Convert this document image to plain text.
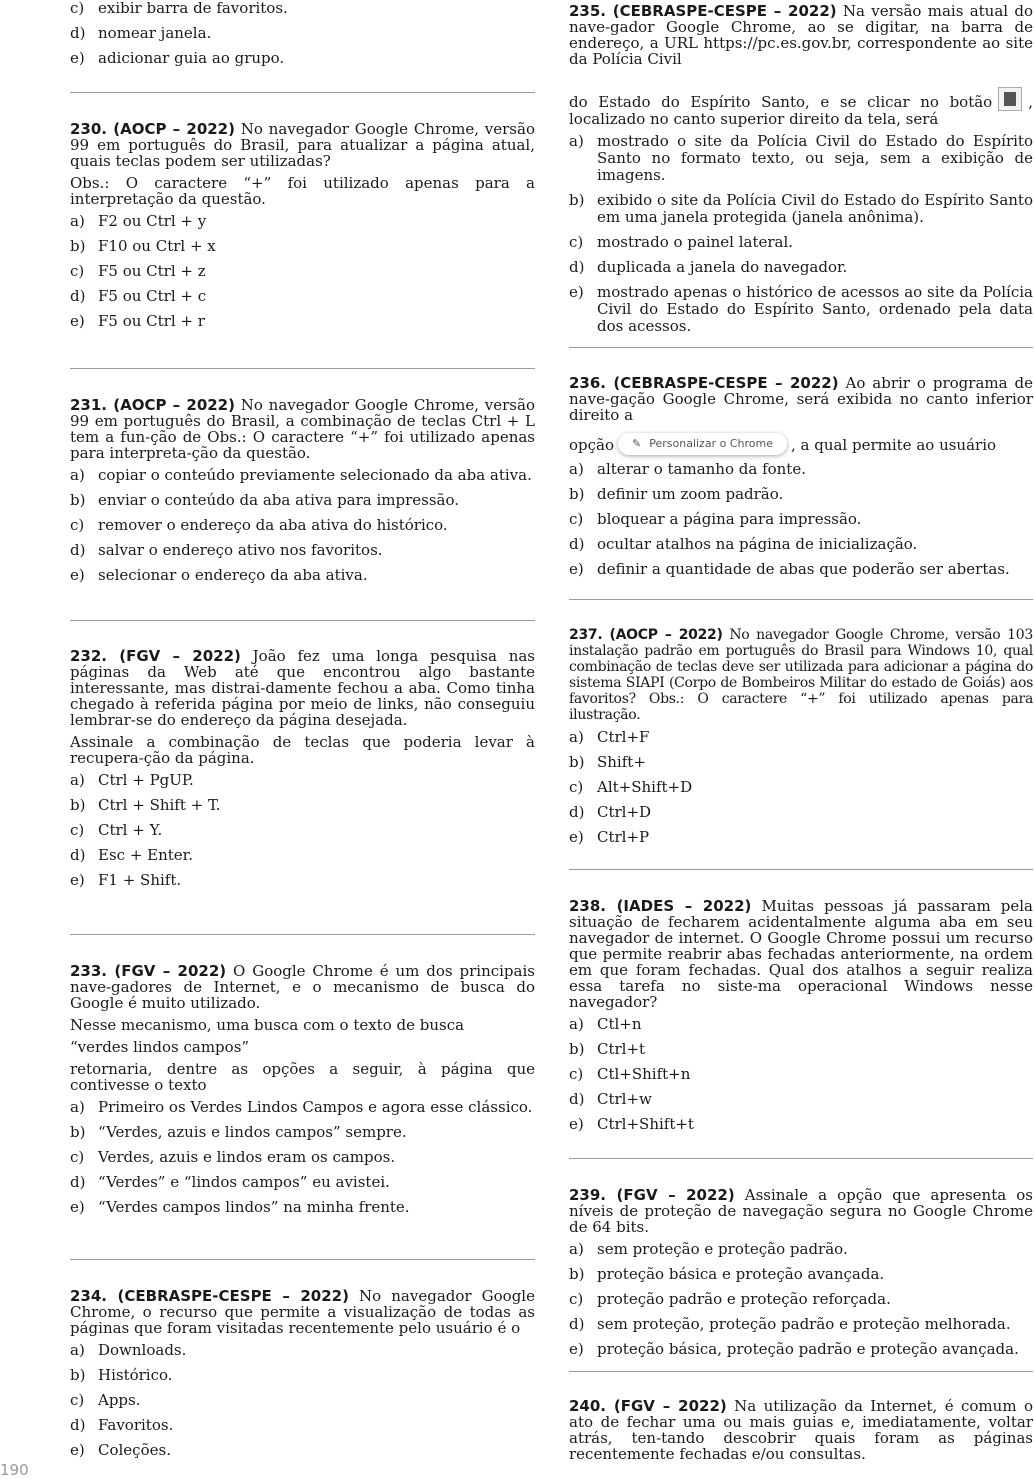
c) exibir barra de favoritos.
d) nomear janela.
e) adicionar guia ao grupo.

230. (AOCP – 2022) No navegador Google Chrome, versão 99 em português do Brasil, para atualizar a página atual, quais teclas podem ser utilizadas?

Obs.: O caractere “+” foi utilizado apenas para a interpretação da questão.

a) F2 ou Ctrl + y
b) F10 ou Ctrl + x
c) F5 ou Ctrl + z
d) F5 ou Ctrl + c
e) F5 ou Ctrl + r

231. (AOCP – 2022) No navegador Google Chrome, versão 99 em português do Brasil, a combinação de teclas Ctrl + L tem a fun-ção de Obs.: O caractere “+” foi utilizado apenas para interpreta-ção da questão.

a) copiar o conteúdo previamente selecionado da aba ativa.
b) enviar o conteúdo da aba ativa para impressão.
c) remover o endereço da aba ativa do histórico.
d) salvar o endereço ativo nos favoritos.
e) selecionar o endereço da aba ativa.

232. (FGV – 2022) João fez uma longa pesquisa nas páginas da Web até que encontrou algo bastante interessante, mas distrai-damente fechou a aba. Como tinha chegado à referida página por meio de links, não conseguiu lembrar-se do endereço da página desejada.

Assinale a combinação de teclas que poderia levar à recupera-ção da página.

a) Ctrl + PgUP.
b) Ctrl + Shift + T.
c) Ctrl + Y.
d) Esc + Enter.
e) F1 + Shift.

233. (FGV – 2022) O Google Chrome é um dos principais nave-gadores de Internet, e o mecanismo de busca do Google é muito utilizado.

Nesse mecanismo, uma busca com o texto de busca

“verdes lindos campos”

retornaria, dentre as opções a seguir, à página que contivesse o texto

a) Primeiro os Verdes Lindos Campos e agora esse clássico.
b) “Verdes, azuis e lindos campos” sempre.
c) Verdes, azuis e lindos eram os campos.
d) “Verdes” e “lindos campos” eu avistei.
e) “Verdes campos lindos” na minha frente.

234. (CEBRASPE-CESPE – 2022) No navegador Google Chrome, o recurso que permite a visualização de todas as páginas que foram visitadas recentemente pelo usuário é o

a) Downloads.
b) Histórico.
c) Apps.
d) Favoritos.
e) Coleções.

235. (CEBRASPE-CESPE – 2022) Na versão mais atual do nave-gador Google Chrome, ao se digitar, na barra de endereço, a URL https://pc.es.gov.br, correspondente ao site da Polícia Civil

do Estado do Espírito Santo, e se clicar no botão , localizado no canto superior direito da tela, será

a) mostrado o site da Polícia Civil do Estado do Espírito Santo no formato texto, ou seja, sem a exibição de imagens.
b) exibido o site da Polícia Civil do Estado do Espírito Santo em uma janela protegida (janela anônima).
c) mostrado o painel lateral.
d) duplicada a janela do navegador.
e) mostrado apenas o histórico de acessos ao site da Polícia Civil do Estado do Espírito Santo, ordenado pela data dos acessos.

236. (CEBRASPE-CESPE – 2022) Ao abrir o programa de nave-gação Google Chrome, será exibida no canto inferior direito a

opção ✎ Personalizar o Chrome , a qual permite ao usuário

a) alterar o tamanho da fonte.
b) definir um zoom padrão.
c) bloquear a página para impressão.
d) ocultar atalhos na página de inicialização.
e) definir a quantidade de abas que poderão ser abertas.

237. (AOCP – 2022) No navegador Google Chrome, versão 103 instalação padrão em português do Brasil para Windows 10, qual combinação de teclas deve ser utilizada para adicionar a página do sistema SIAPI (Corpo de Bombeiros Militar do estado de Goiás) aos favoritos? Obs.: O caractere “+” foi utilizado apenas para ilustração.

a) Ctrl+F
b) Shift+
c) Alt+Shift+D
d) Ctrl+D
e) Ctrl+P

238. (IADES – 2022) Muitas pessoas já passaram pela situação de fecharem acidentalmente alguma aba em seu navegador de internet. O Google Chrome possui um recurso que permite reabrir abas fechadas anteriormente, na ordem em que foram fechadas. Qual dos atalhos a seguir realiza essa tarefa no siste-ma operacional Windows nesse navegador?

a) Ctl+n
b) Ctrl+t
c) Ctl+Shift+n
d) Ctrl+w
e) Ctrl+Shift+t

239. (FGV – 2022) Assinale a opção que apresenta os níveis de proteção de navegação segura no Google Chrome de 64 bits.

a) sem proteção e proteção padrão.
b) proteção básica e proteção avançada.
c) proteção padrão e proteção reforçada.
d) sem proteção, proteção padrão e proteção melhorada.
e) proteção básica, proteção padrão e proteção avançada.

240. (FGV – 2022) Na utilização da Internet, é comum o ato de fechar uma ou mais guias e, imediatamente, voltar atrás, ten-tando descobrir quais foram as páginas recentemente fechadas e/ou consultas.

190
